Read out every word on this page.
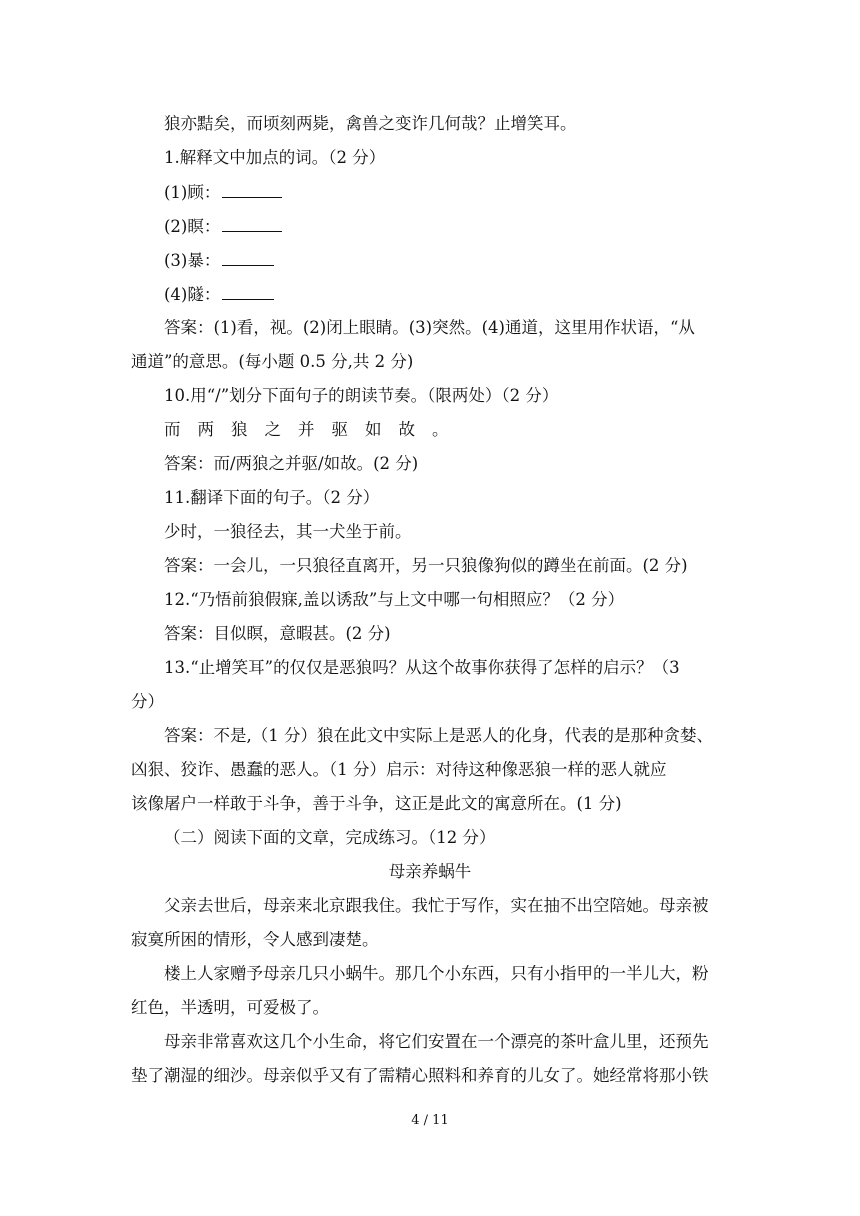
狼亦黠矣，而顷刻两毙，禽兽之变诈几何哉？止增笑耳。
1.解释文中加点的词。（2 分）
(1)顾：
(2)瞑：
(3)暴：
(4)隧：
答案：(1)看，视。(2)闭上眼睛。(3)突然。(4)通道，这里用作状语，“从
通道”的意思。(每小题 0.5 分,共 2 分)
10.用“/”划分下面句子的朗读节奏。（限两处）（2 分）
而两狼之并驱如故。
答案：而/两狼之并驱/如故。(2 分)
11.翻译下面的句子。（2 分）
少时，一狼径去，其一犬坐于前。
答案：一会儿，一只狼径直离开，另一只狼像狗似的蹲坐在前面。(2 分)
12.“乃悟前狼假寐,盖以诱敌”与上文中哪一句相照应？（2 分）
答案：目似瞑，意暇甚。(2 分)
13.“止增笑耳”的仅仅是恶狼吗？从这个故事你获得了怎样的启示？（3
分）
答案：不是,（1 分）狼在此文中实际上是恶人的化身，代表的是那种贪婪、
凶狠、狡诈、愚蠢的恶人。（1 分）启示：对待这种像恶狼一样的恶人就应
该像屠户一样敢于斗争，善于斗争，这正是此文的寓意所在。(1 分)
（二）阅读下面的文章，完成练习。（12 分）
母亲养蜗牛
父亲去世后，母亲来北京跟我住。我忙于写作，实在抽不出空陪她。母亲被
寂寞所困的情形，令人感到凄楚。
楼上人家赠予母亲几只小蜗牛。那几个小东西，只有小指甲的一半儿大，粉
红色，半透明，可爱极了。
母亲非常喜欢这几个小生命，将它们安置在一个漂亮的茶叶盒儿里，还预先
垫了潮湿的细沙。母亲似乎又有了需精心照料和养育的儿女了。她经常将那小铁
4 / 11
